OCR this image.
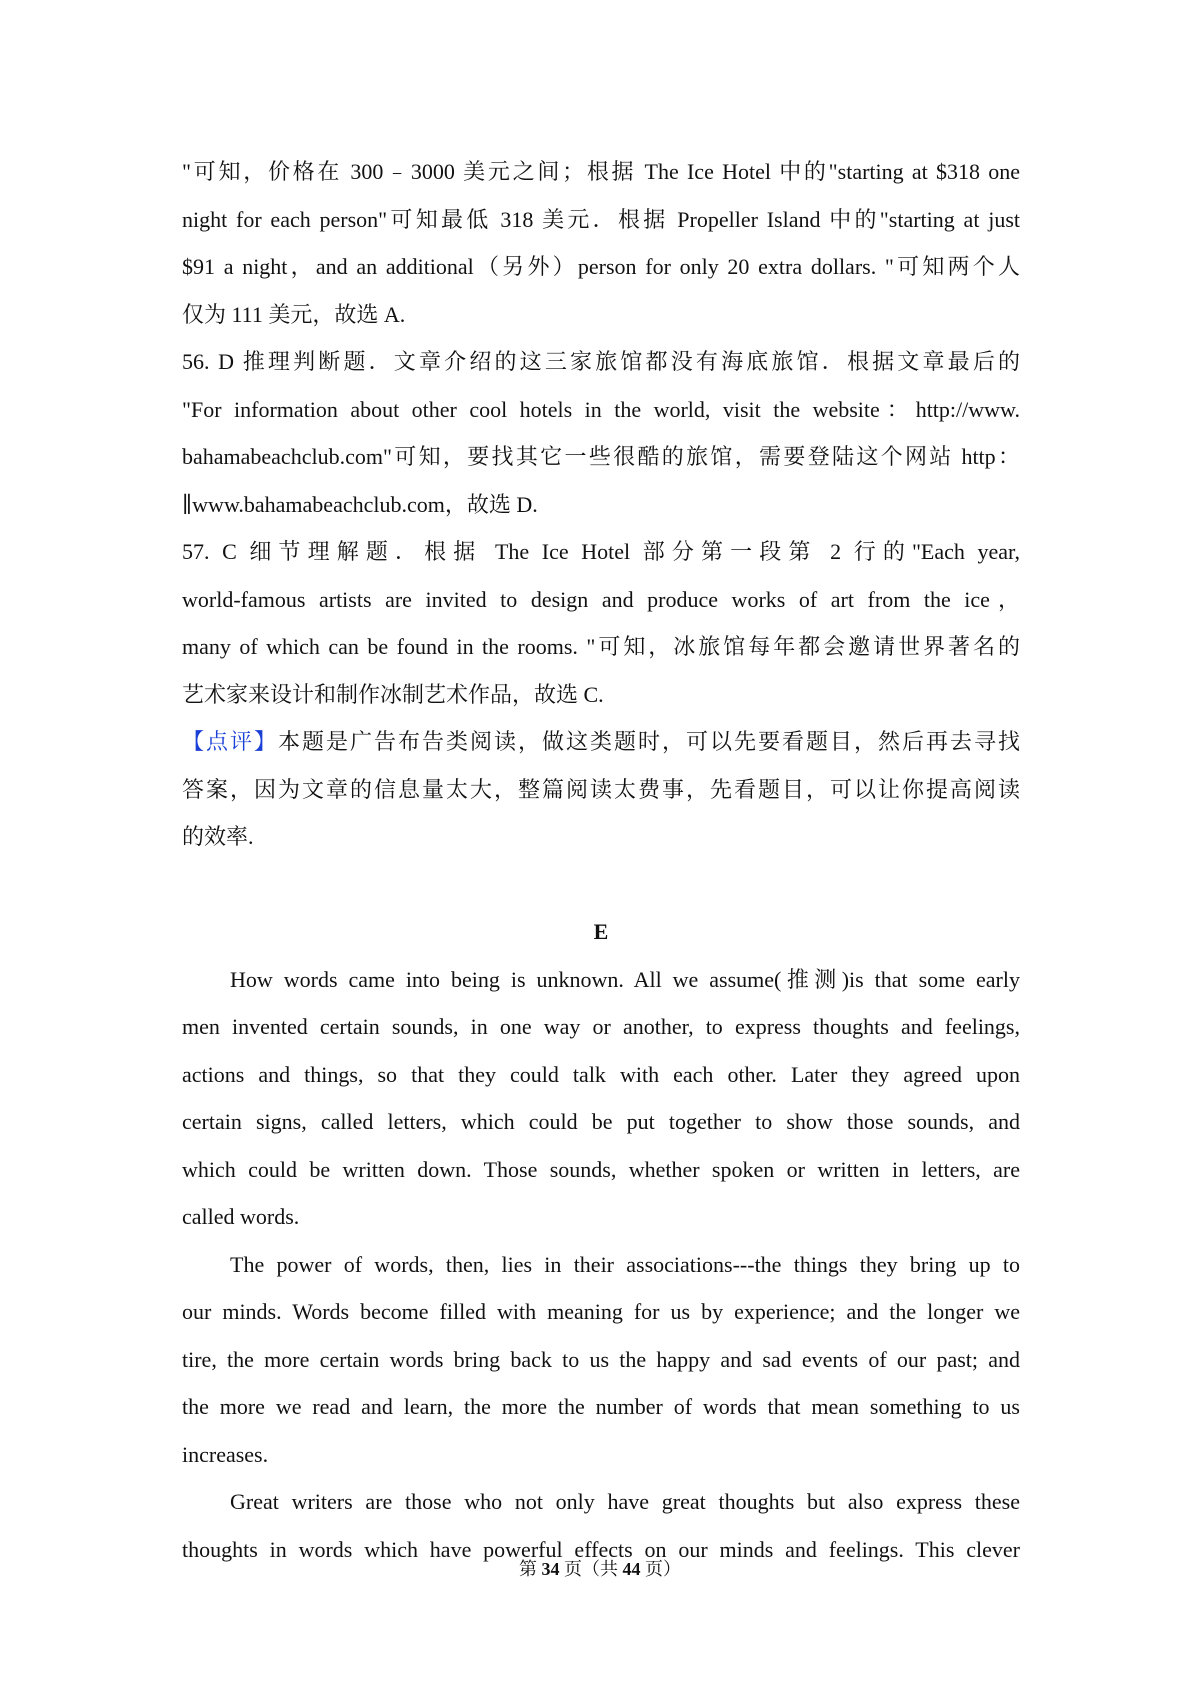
"可知，价格在 300﹣3000 美元之间；根据 The Ice Hotel 中的"starting at $318 one

night for each person"可知最低 318 美元．根据 Propeller Island 中的"starting at just

$91 a night，and an additional（另外）person for only 20 extra dollars. "可知两个人

仅为 111 美元，故选 A.

56. D 推理判断题．文章介绍的这三家旅馆都没有海底旅馆．根据文章最后的

"For information about other cool hotels in the world, visit the website：http://www.

bahamabeachclub.com"可知，要找其它一些很酷的旅馆，需要登陆这个网站 http：

∥www.bahamabeachclub.com，故选 D.

57. C 细节理解题．根据 The Ice Hotel 部分第一段第 2 行的"Each year,

world-famous artists are invited to design and produce works of art from the ice，

many of which can be found in the rooms. "可知，冰旅馆每年都会邀请世界著名的

艺术家来设计和制作冰制艺术作品，故选 C.

【点评】本题是广告布告类阅读，做这类题时，可以先要看题目，然后再去寻找

答案，因为文章的信息量太大，整篇阅读太费事，先看题目，可以让你提高阅读

的效率.

E

How words came into being is unknown. All we assume(推测)is that some early

men invented certain sounds, in one way or another, to express thoughts and feelings,

actions and things, so that they could talk with each other. Later they agreed upon

certain signs, called letters, which could be put together to show those sounds, and

which could be written down. Those sounds, whether spoken or written in letters, are

called words.

The power of words, then, lies in their associations---the things they bring up to

our minds. Words become filled with meaning for us by experience; and the longer we

tire, the more certain words bring back to us the happy and sad events of our past; and

the more we read and learn, the more the number of words that mean something to us

increases.

Great writers are those who not only have great thoughts but also express these

thoughts in words which have powerful effects on our minds and feelings. This clever

第 34 页（共 44 页）
